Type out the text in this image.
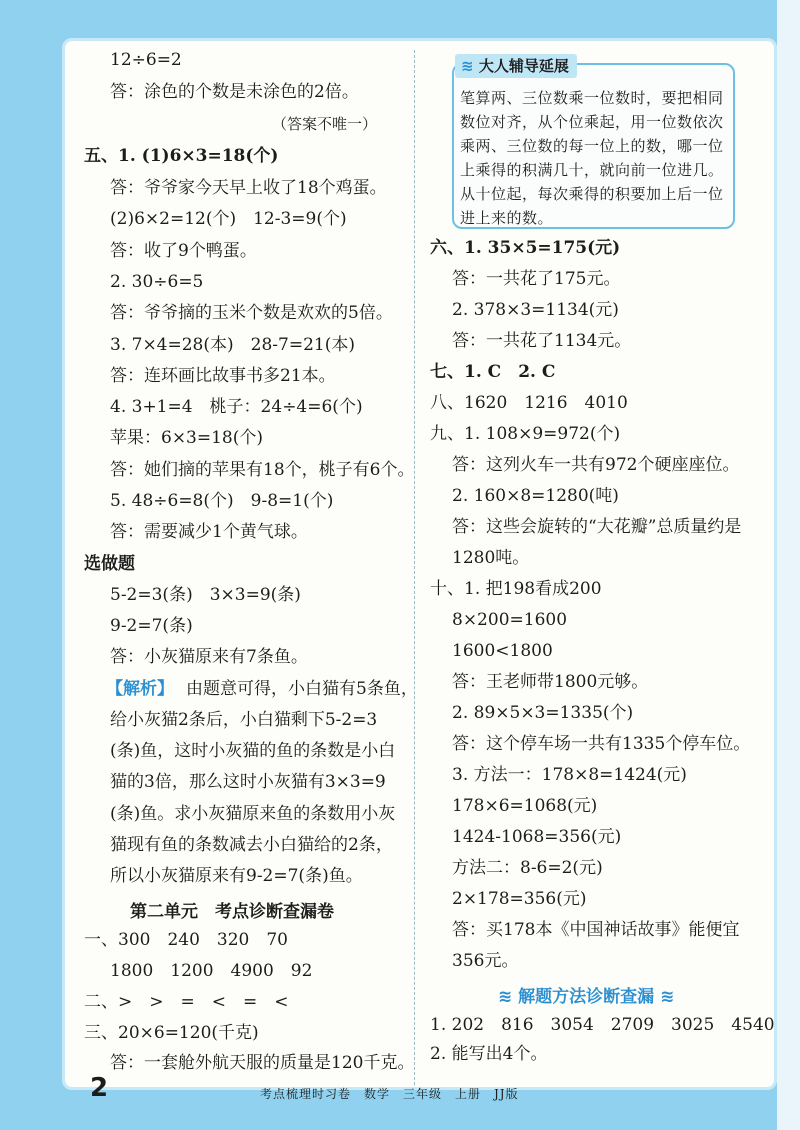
12÷6=2
答：涂色的个数是未涂色的2倍。
（答案不唯一）
五、1. (1)6×3=18(个)
答：爷爷家今天早上收了18个鸡蛋。
(2)6×2=12(个)　12-3=9(个)
答：收了9个鸭蛋。
2. 30÷6=5
答：爷爷摘的玉米个数是欢欢的5倍。
3. 7×4=28(本)　28-7=21(本)
答：连环画比故事书多21本。
4. 3+1=4　桃子：24÷4=6(个)
苹果：6×3=18(个)
答：她们摘的苹果有18个，桃子有6个。
5. 48÷6=8(个)　9-8=1(个)
答：需要减少1个黄气球。
选做题
5-2=3(条)　3×3=9(条)
9-2=7(条)
答：小灰猫原来有7条鱼。
【解析】 由题意可得，小白猫有5条鱼，
给小灰猫2条后，小白猫剩下5-2=3
(条)鱼，这时小灰猫的鱼的条数是小白
猫的3倍，那么这时小灰猫有3×3=9
(条)鱼。求小灰猫原来鱼的条数用小灰
猫现有鱼的条数减去小白猫给的2条，
所以小灰猫原来有9-2=7(条)鱼。
第二单元　考点诊断查漏卷
一、300　240　320　70
1800　1200　4900　92
二、>　>　=　<　=　<
三、20×6=120(千克)
答：一套舱外航天服的质量是120千克。
≋ 大人辅导延展
笔算两、三位数乘一位数时，要把相同数位对齐，从个位乘起，用一位数依次乘两、三位数的每一位上的数，哪一位上乘得的积满几十，就向前一位进几。从十位起，每次乘得的积要加上后一位进上来的数。
六、1. 35×5=175(元)
答：一共花了175元。
2. 378×3=1134(元)
答：一共花了1134元。
七、1. C　2. C
八、1620　1216　4010
九、1. 108×9=972(个)
答：这列火车一共有972个硬座座位。
2. 160×8=1280(吨)
答：这些会旋转的“大花瓣”总质量约是
1280吨。
十、1. 把198看成200
8×200=1600
1600<1800
答：王老师带1800元够。
2. 89×5×3=1335(个)
答：这个停车场一共有1335个停车位。
3. 方法一：178×8=1424(元)
178×6=1068(元)
1424-1068=356(元)
方法二：8-6=2(元)
2×178=356(元)
答：买178本《中国神话故事》能便宜
356元。
≋ 解题方法诊断查漏 ≋
1. 202　816　3054　2709　3025　4540
2. 能写出4个。
2	考点梳理时习卷　数学　三年级　上册　JJ版
